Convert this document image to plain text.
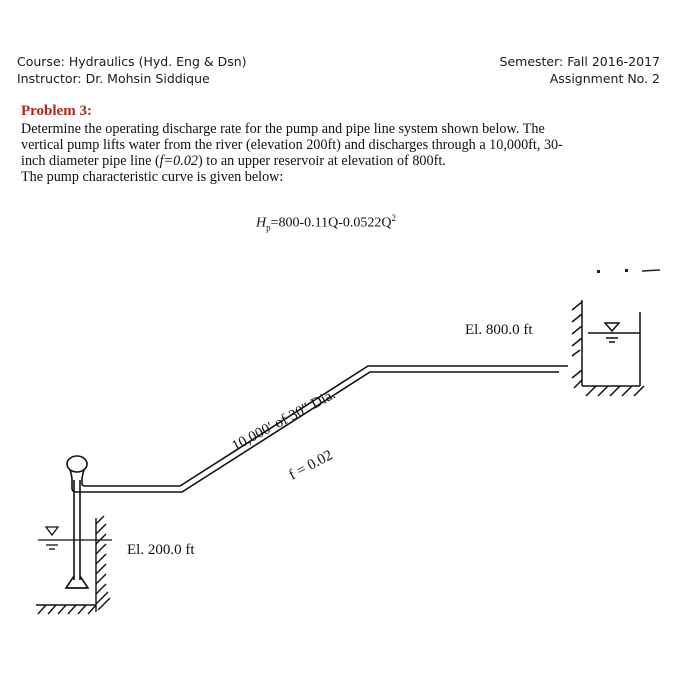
Course: Hydraulics (Hyd. Eng & Dsn)
Instructor: Dr. Mohsin Siddique
Semester: Fall 2016-2017
Assignment No. 2
Problem 3:

Determine the operating discharge rate for the pump and pipe line system shown below. The

vertical pump lifts water from the river (elevation 200ft) and discharges through a 10,000ft, 30-

inch diameter pipe line (f=0.02) to an upper reservoir at elevation of 800ft.

The pump characteristic curve is given below:

$H_p=800-0.11Q-0.0522Q^2$
El. 800.0 ft
El. 200.0 ft
10,000′ of 30″ Dia.
f = 0.02
